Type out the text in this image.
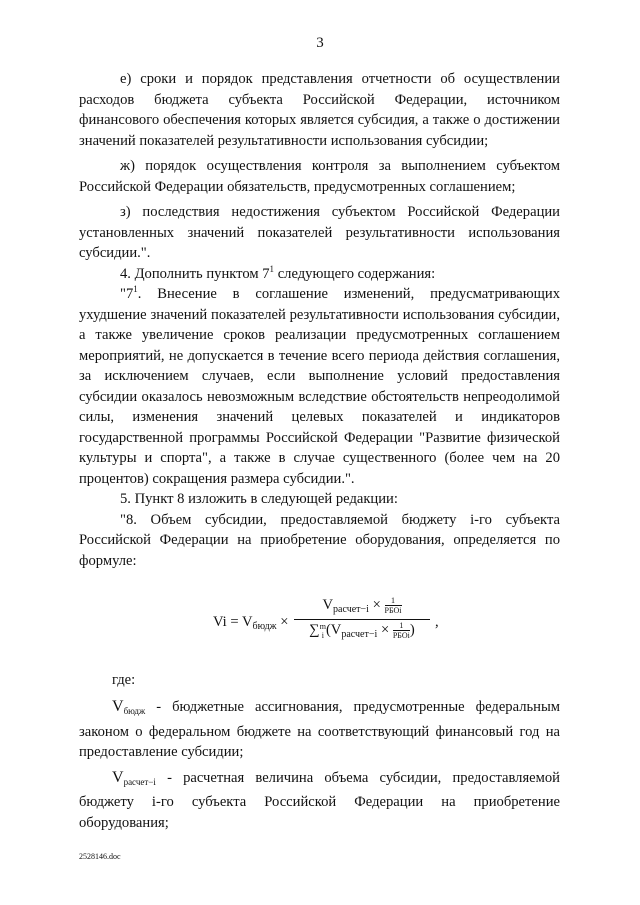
3

е) сроки и порядок представления отчетности об осуществлении расходов бюджета субъекта Российской Федерации, источником финансового обеспечения которых является субсидия, а также о достижении значений показателей результативности использования субсидии;

ж) порядок осуществления контроля за выполнением субъектом Российской Федерации обязательств, предусмотренных соглашением;

з) последствия недостижения субъектом Российской Федерации установленных значений показателей результативности использования субсидии.".

4. Дополнить пунктом $7^1$ следующего содержания:

"$7^1$. Внесение в соглашение изменений, предусматривающих ухудшение значений показателей результативности использования субсидии, а также увеличение сроков реализации предусмотренных соглашением мероприятий, не допускается в течение всего периода действия соглашения, за исключением случаев, если выполнение условий предоставления субсидии оказалось невозможным вследствие обстоятельств непреодолимой силы, изменения значений целевых показателей и индикаторов государственной программы Российской Федерации "Развитие физической культуры и спорта", а также в случае существенного (более чем на 20 процентов) сокращения размера субсидии.".

5. Пункт 8 изложить в следующей редакции:

"8. Объем субсидии, предоставляемой бюджету i-го субъекта Российской Федерации на приобретение оборудования, определяется по формуле:

$Vi = V_{бюдж}$ ×
$V_{расчет-i} \times 1$
РБОi
∑m
i ($V_{расчет-i} \times 1$
РБОi)	,
где:

$V_{бюдж}$ - бюджетные ассигнования, предусмотренные федеральным законом о федеральном бюджете на соответствующий финансовый год на предоставление субсидии;

$V_{расчет-i}$ - расчетная величина объема субсидии, предоставляемой бюджету i-го субъекта Российской Федерации на приобретение оборудования;

2528146.doc
